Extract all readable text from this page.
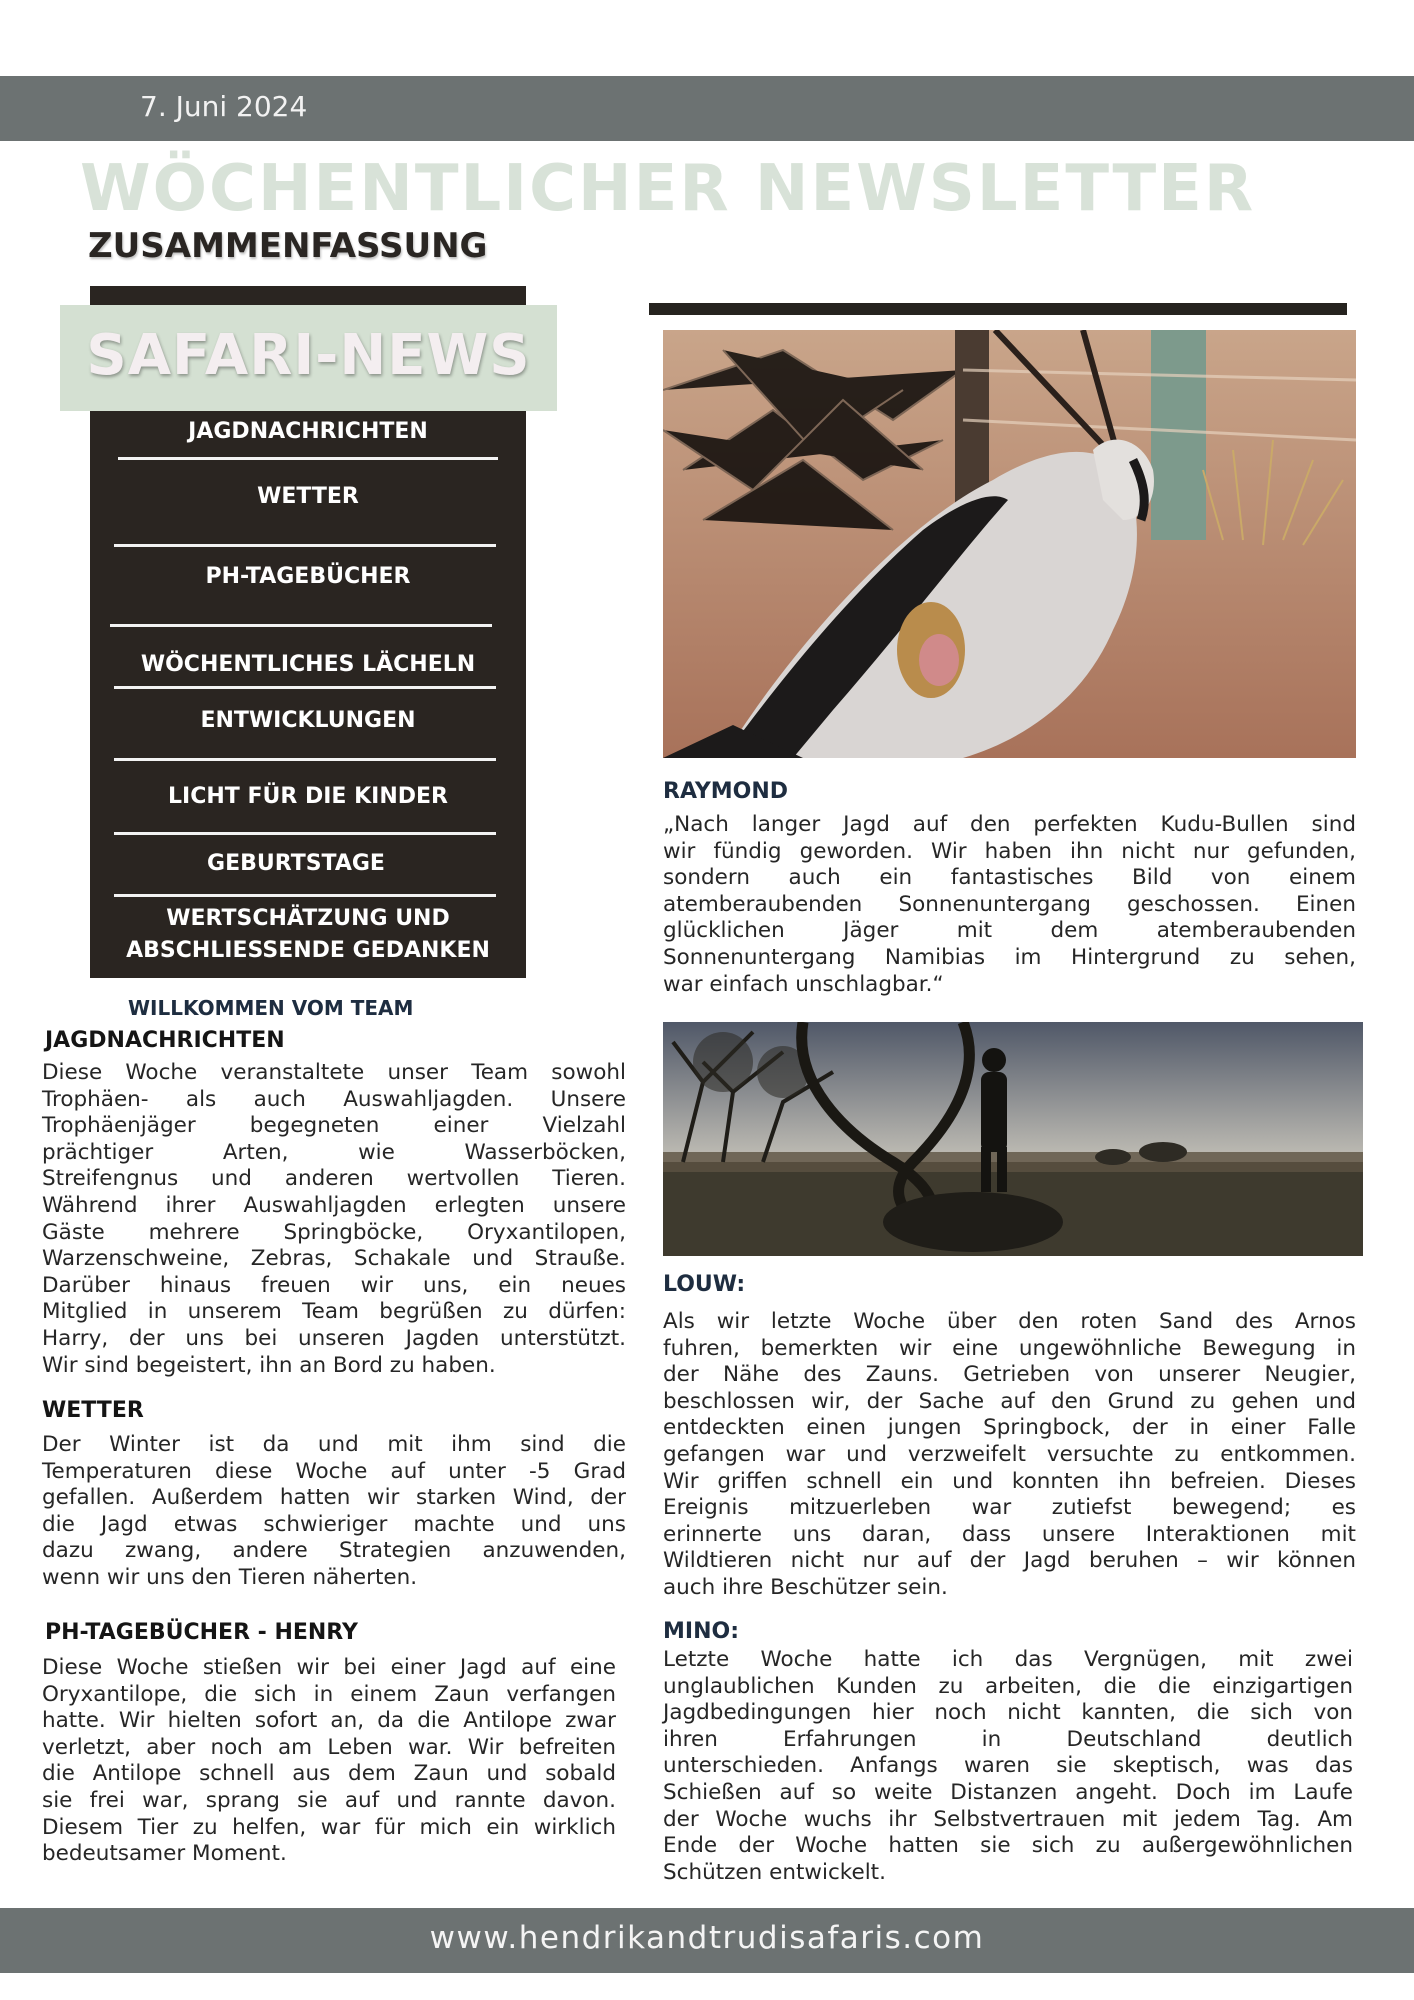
7. Juni 2024
WÖCHENTLICHER NEWSLETTER
ZUSAMMENFASSUNG
SAFARI-NEWS
JAGDNACHRICHTEN
WETTER
PH-TAGEBÜCHER
WÖCHENTLICHES LÄCHELN
ENTWICKLUNGEN
LICHT FÜR DIE KINDER
GEBURTSTAGE
WERTSCHÄTZUNG UND
ABSCHLIESSENDE GEDANKEN
WILLKOMMEN VOM TEAM
JAGDNACHRICHTEN
Diese Woche veranstaltete unser Team sowohl
Trophäen- als auch Auswahljagden. Unsere
Trophäenjäger begegneten einer Vielzahl
prächtiger Arten, wie Wasserböcken,
Streifengnus und anderen wertvollen Tieren.
Während ihrer Auswahljagden erlegten unsere
Gäste mehrere Springböcke, Oryxantilopen,
Warzenschweine, Zebras, Schakale und Strauße.
Darüber hinaus freuen wir uns, ein neues
Mitglied in unserem Team begrüßen zu dürfen:
Harry, der uns bei unseren Jagden unterstützt.
Wir sind begeistert, ihn an Bord zu haben.
WETTER
Der Winter ist da und mit ihm sind die
Temperaturen diese Woche auf unter -5 Grad
gefallen. Außerdem hatten wir starken Wind, der
die Jagd etwas schwieriger machte und uns
dazu zwang, andere Strategien anzuwenden,
wenn wir uns den Tieren näherten.
PH-TAGEBÜCHER - HENRY
Diese Woche stießen wir bei einer Jagd auf eine
Oryxantilope, die sich in einem Zaun verfangen
hatte. Wir hielten sofort an, da die Antilope zwar
verletzt, aber noch am Leben war. Wir befreiten
die Antilope schnell aus dem Zaun und sobald
sie frei war, sprang sie auf und rannte davon.
Diesem Tier zu helfen, war für mich ein wirklich
bedeutsamer Moment.
RAYMOND
„Nach langer Jagd auf den perfekten Kudu-Bullen sind
wir fündig geworden. Wir haben ihn nicht nur gefunden,
sondern auch ein fantastisches Bild von einem
atemberaubenden Sonnenuntergang geschossen. Einen
glücklichen Jäger mit dem atemberaubenden
Sonnenuntergang Namibias im Hintergrund zu sehen,
war einfach unschlagbar.“
LOUW:
Als wir letzte Woche über den roten Sand des Arnos
fuhren, bemerkten wir eine ungewöhnliche Bewegung in
der Nähe des Zauns. Getrieben von unserer Neugier,
beschlossen wir, der Sache auf den Grund zu gehen und
entdeckten einen jungen Springbock, der in einer Falle
gefangen war und verzweifelt versuchte zu entkommen.
Wir griffen schnell ein und konnten ihn befreien. Dieses
Ereignis mitzuerleben war zutiefst bewegend; es
erinnerte uns daran, dass unsere Interaktionen mit
Wildtieren nicht nur auf der Jagd beruhen – wir können
auch ihre Beschützer sein.
MINO:
Letzte Woche hatte ich das Vergnügen, mit zwei
unglaublichen Kunden zu arbeiten, die die einzigartigen
Jagdbedingungen hier noch nicht kannten, die sich von
ihren Erfahrungen in Deutschland deutlich
unterschieden. Anfangs waren sie skeptisch, was das
Schießen auf so weite Distanzen angeht. Doch im Laufe
der Woche wuchs ihr Selbstvertrauen mit jedem Tag. Am
Ende der Woche hatten sie sich zu außergewöhnlichen
Schützen entwickelt.
www.hendrikandtrudisafaris.com
